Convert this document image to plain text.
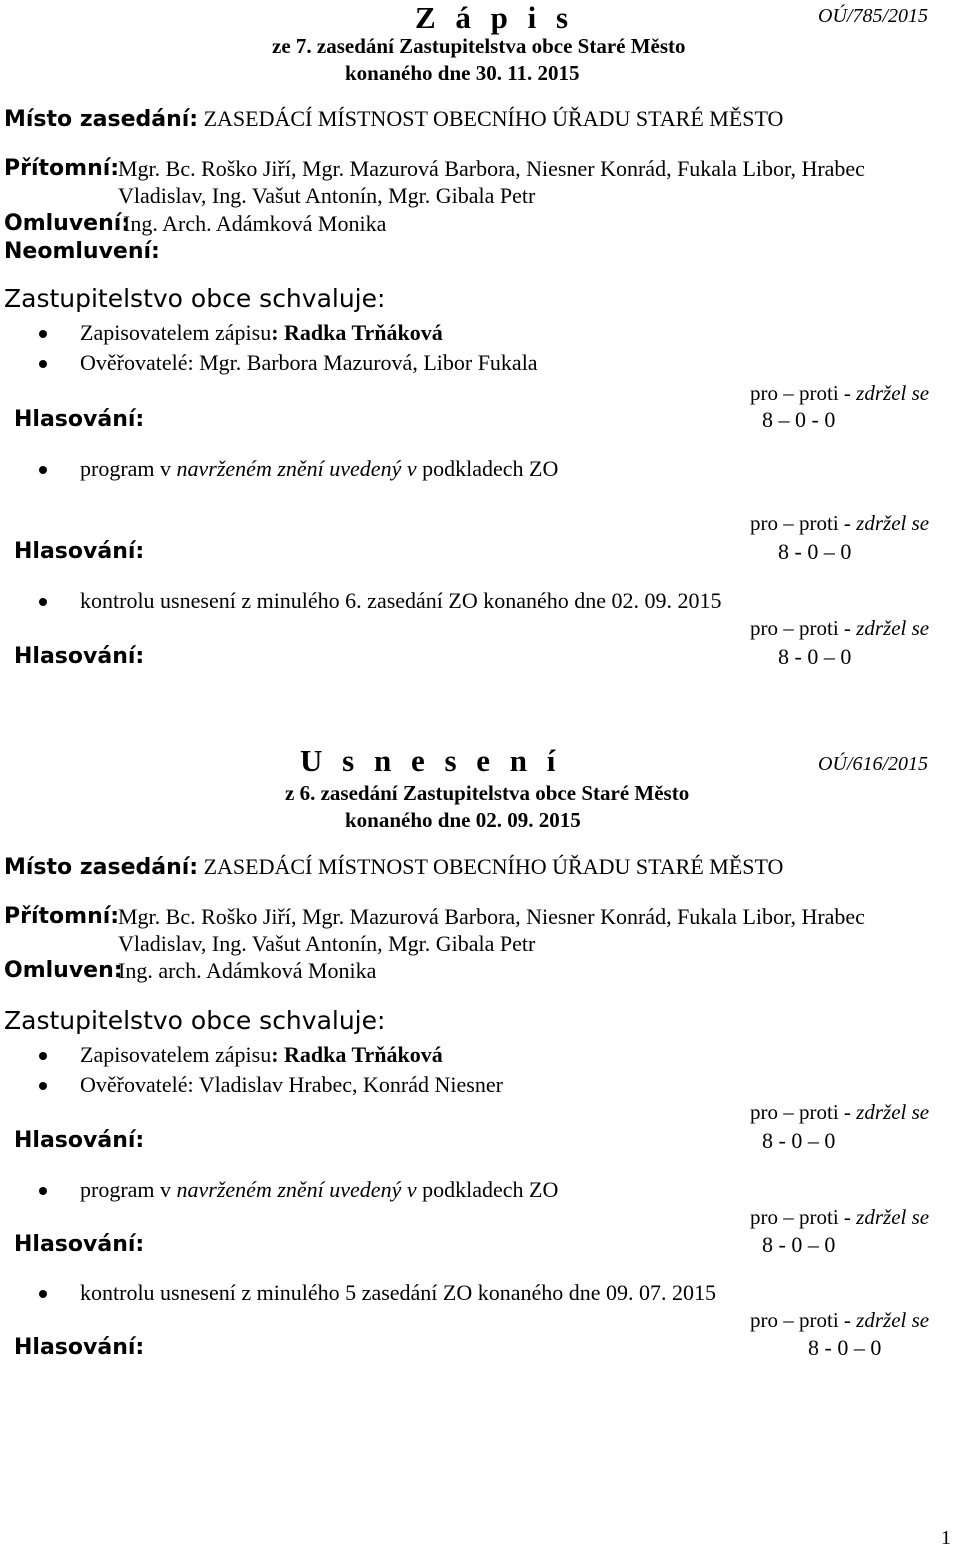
Z á p i s	OÚ/785/2015
ze 7. zasedání Zastupitelstva obce Staré Město
konaného dne 30. 11. 2015
Místo zasedání: ZASEDÁCÍ MÍSTNOST OBECNÍHO ÚŘADU STARÉ MĚSTO
Přítomní:
Mgr. Bc. Roško Jiří, Mgr. Mazurová Barbora, Niesner Konrád, Fukala Libor, Hrabec
Vladislav, Ing. Vašut Antonín, Mgr. Gibala Petr
Omluvení:
Ing. Arch. Adámková Monika
Neomluvení:
Zastupitelstvo obce schvaluje:
Zapisovatelem zápisu: Radka Trňáková
Ověřovatelé: Mgr. Barbora Mazurová, Libor Fukala
pro – proti - zdržel se
Hlasování:	8 – 0 - 0
program v navrženém znění uvedený v podkladech ZO
pro – proti - zdržel se
Hlasování:	8 - 0 – 0
kontrolu usnesení z minulého 6. zasedání ZO konaného dne 02. 09. 2015
pro – proti - zdržel se
Hlasování:	8 - 0 – 0
U s n e s e n í	OÚ/616/2015
z 6. zasedání Zastupitelstva obce Staré Město
konaného dne 02. 09. 2015
Místo zasedání: ZASEDÁCÍ MÍSTNOST OBECNÍHO ÚŘADU STARÉ MĚSTO
Přítomní:
Mgr. Bc. Roško Jiří, Mgr. Mazurová Barbora, Niesner Konrád, Fukala Libor, Hrabec
Vladislav, Ing. Vašut Antonín, Mgr. Gibala Petr
Omluven:
Ing. arch. Adámková Monika
Zastupitelstvo obce schvaluje:
Zapisovatelem zápisu: Radka Trňáková
Ověřovatelé: Vladislav Hrabec, Konrád Niesner
pro – proti - zdržel se
Hlasování:	8 - 0 – 0
program v navrženém znění uvedený v podkladech ZO
pro – proti - zdržel se
Hlasování:	8 - 0 – 0
kontrolu usnesení z minulého 5 zasedání ZO konaného dne 09. 07. 2015
pro – proti - zdržel se
Hlasování:	8 - 0 – 0
1
